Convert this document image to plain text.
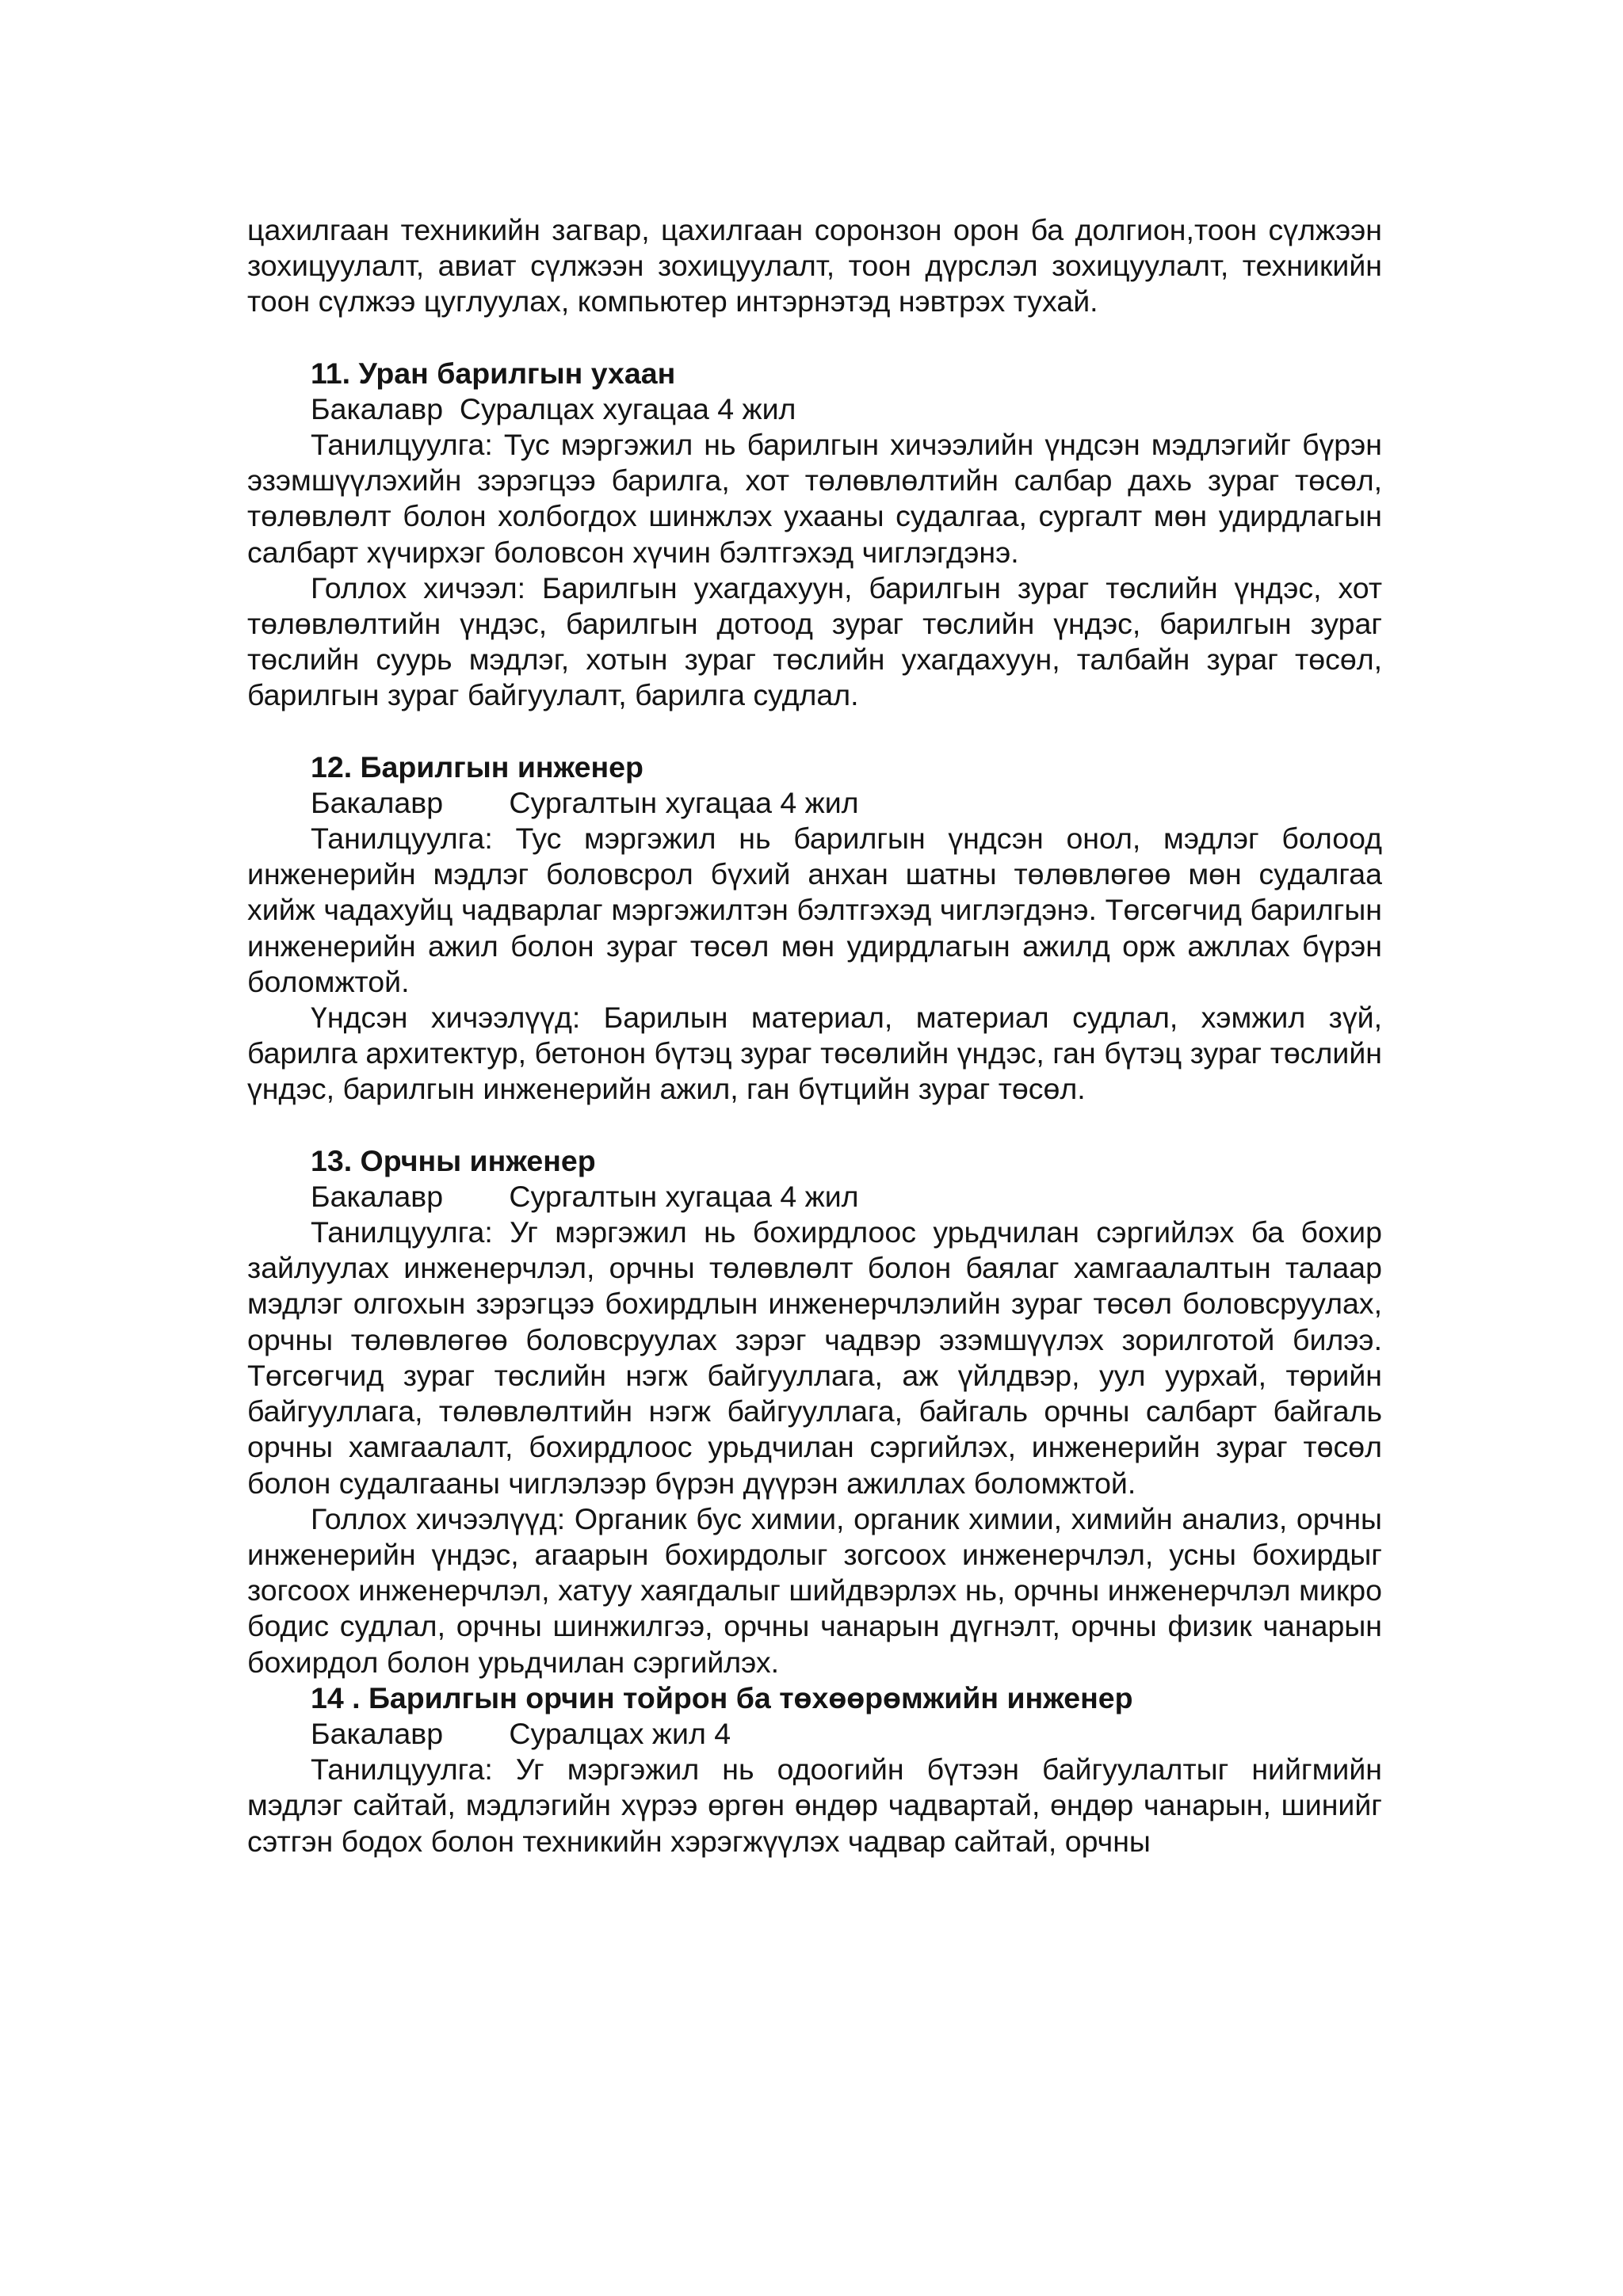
цахилгаан техникийн загвар, цахилгаан соронзон орон ба долгион,тоон сүлжээн зохицуулалт, авиат сүлжээн зохицуулалт, тоон дүрслэл зохицуулалт, техникийн тоон сүлжээ цуглуулах, компьютер интэрнэтэд нэвтрэх тухай.

11. Уран барилгын ухаан

Бакалавр  Суралцах хугацаа 4 жил

Танилцуулга: Тус мэргэжил нь барилгын хичээлийн үндсэн мэдлэгийг бүрэн эзэмшүүлэхийн зэрэгцээ барилга, хот төлөвлөлтийн салбар дахь зураг төсөл, төлөвлөлт болон холбогдох шинжлэх ухааны судалгаа, сургалт мөн удирдлагын салбарт хүчирхэг боловсон хүчин бэлтгэхэд чиглэгдэнэ.

Голлох хичээл: Барилгын ухагдахуун, барилгын зураг төслийн үндэс, хот төлөвлөлтийн үндэс, барилгын дотоод зураг төслийн үндэс, барилгын зураг төслийн суурь мэдлэг, хотын зураг төслийн ухагдахуун, талбайн зураг төсөл, барилгын зураг байгуулалт, барилга судлал.

12. Барилгын инженер

Бакалавр        Сургалтын хугацаа 4 жил

Танилцуулга: Тус мэргэжил нь барилгын үндсэн онол, мэдлэг болоод инженерийн мэдлэг боловсрол бүхий анхан шатны төлөвлөгөө мөн судалгаа хийж чадахуйц чадварлаг мэргэжилтэн бэлтгэхэд чиглэгдэнэ. Төгсөгчид барилгын инженерийн ажил болон зураг төсөл мөн удирдлагын ажилд орж ажллах бүрэн боломжтой.

Үндсэн хичээлүүд: Барилын материал, материал судлал, хэмжил зүй, барилга архитектур, бетонон бүтэц зураг төсөлийн үндэс, ган бүтэц зураг төслийн үндэс, барилгын инженерийн ажил, ган бүтцийн зураг төсөл.

13. Орчны инженер

Бакалавр        Сургалтын хугацаа 4 жил

Танилцуулга: Уг мэргэжил нь бохирдлоос урьдчилан сэргийлэх ба бохир зайлуулах инженерчлэл, орчны төлөвлөлт болон баялаг хамгаалалтын талаар мэдлэг олгохын зэрэгцээ бохирдлын инженерчлэлийн зураг төсөл боловсруулах, орчны төлөвлөгөө боловсруулах зэрэг чадвэр эзэмшүүлэх зорилготой билээ. Төгсөгчид зураг төслийн нэгж байгууллага, аж үйлдвэр, уул уурхай, төрийн байгууллага, төлөвлөлтийн нэгж байгууллага, байгаль орчны салбарт байгаль орчны хамгаалалт, бохирдлоос урьдчилан сэргийлэх, инженерийн зураг төсөл болон судалгааны чиглэлээр бүрэн дүүрэн ажиллах боломжтой.

Голлох хичээлүүд: Органик бус химии, органик химии, химийн анализ, орчны инженерийн үндэс, агаарын бохирдолыг зогсоох инженерчлэл, усны бохирдыг зогсоох инженерчлэл, хатуу хаягдалыг шийдвэрлэх нь, орчны инженерчлэл микро бодис судлал, орчны шинжилгээ, орчны чанарын дүгнэлт, орчны физик чанарын бохирдол болон урьдчилан сэргийлэх.

14 . Барилгын орчин тойрон ба төхөөрөмжийн инженер

Бакалавр        Суралцах жил 4

Танилцуулга: Уг мэргэжил нь одоогийн бүтээн байгуулалтыг нийгмийн мэдлэг сайтай, мэдлэгийн хүрээ өргөн өндөр чадвартай, өндөр чанарын, шинийг сэтгэн бодох болон техникийн хэрэгжүүлэх чадвар сайтай, орчны
